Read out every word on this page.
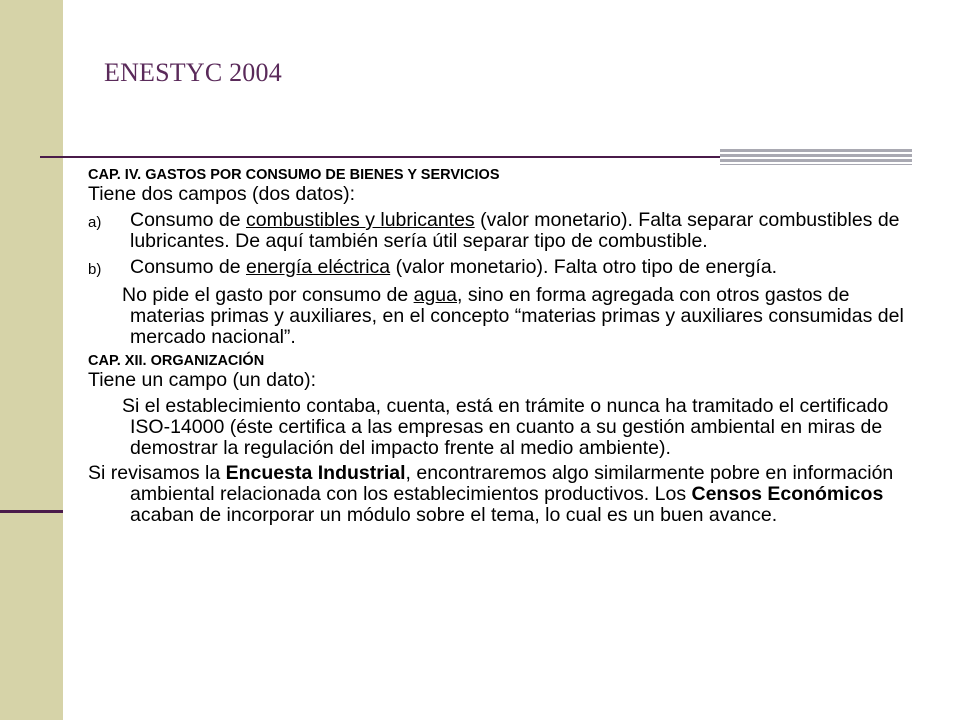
ENESTYC 2004

CAP. IV. GASTOS POR CONSUMO DE BIENES Y SERVICIOS

Tiene dos campos (dos datos):

a)	Consumo de combustibles y lubricantes (valor monetario). Falta separar combustibles de lubricantes. De aquí también sería útil separar tipo de combustible.
b)	Consumo de energía eléctrica (valor monetario). Falta otro tipo de energía.

No pide el gasto por consumo de agua, sino en forma agregada con otros gastos de materias primas y auxiliares, en el concepto “materias primas y auxiliares consumidas del mercado nacional”.

CAP. XII. ORGANIZACIÓN

Tiene un campo (un dato):

Si el establecimiento contaba, cuenta, está en trámite o nunca ha tramitado el certificado ISO-14000 (éste certifica a las empresas en cuanto a su gestión ambiental en miras de demostrar la regulación del impacto frente al medio ambiente).

Si revisamos la Encuesta Industrial, encontraremos algo similarmente pobre en información ambiental relacionada con los establecimientos productivos. Los Censos Económicos acaban de incorporar un módulo sobre el tema, lo cual es un buen avance.
